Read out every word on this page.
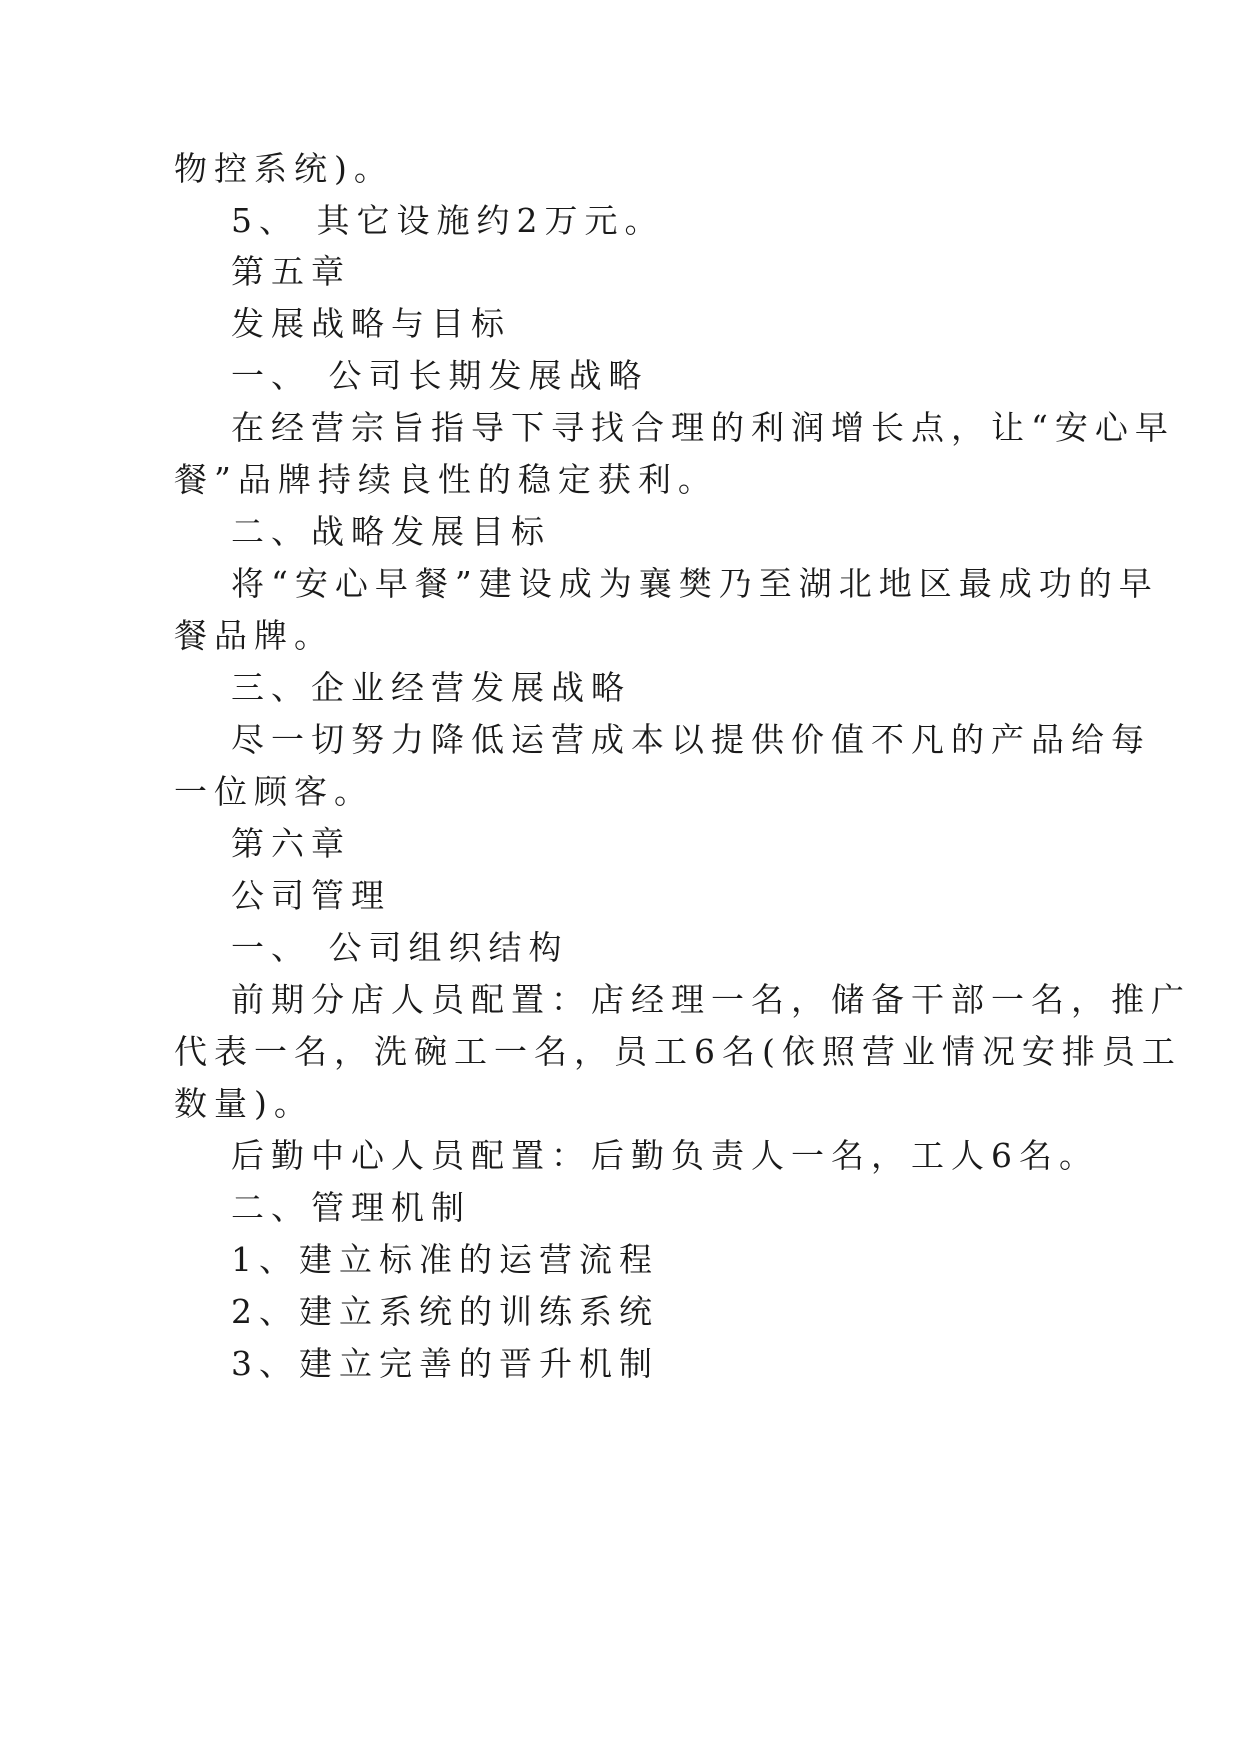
物控系统)。
5、 其它设施约2万元。
第五章
发展战略与目标
一、 公司长期发展战略
在经营宗旨指导下寻找合理的利润增长点，让“安心早
餐”品牌持续良性的稳定获利。
二、战略发展目标
将“安心早餐”建设成为襄樊乃至湖北地区最成功的早
餐品牌。
三、企业经营发展战略
尽一切努力降低运营成本以提供价值不凡的产品给每
一位顾客。
第六章
公司管理
一、 公司组织结构
前期分店人员配置：店经理一名，储备干部一名，推广
代表一名，洗碗工一名，员工6名(依照营业情况安排员工
数量)。
后勤中心人员配置：后勤负责人一名，工人6名。
二、管理机制
1、建立标准的运营流程
2、建立系统的训练系统
3、建立完善的晋升机制
